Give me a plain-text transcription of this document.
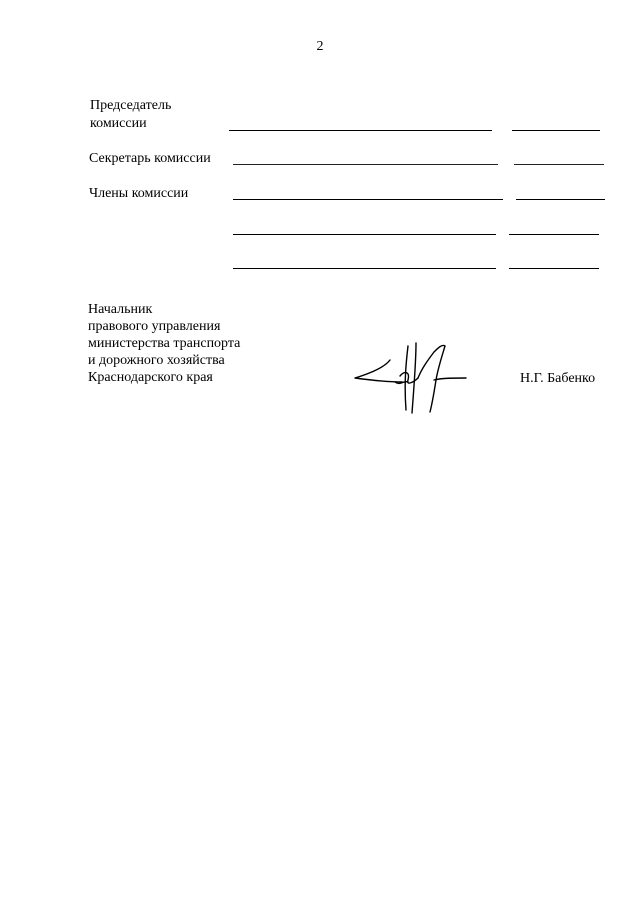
2
Председатель
комиссии
Секретарь комиссии
Члены комиссии
Начальник
правового управления
министерства транспорта
и дорожного хозяйства
Краснодарского края	Н.Г. Бабенко
